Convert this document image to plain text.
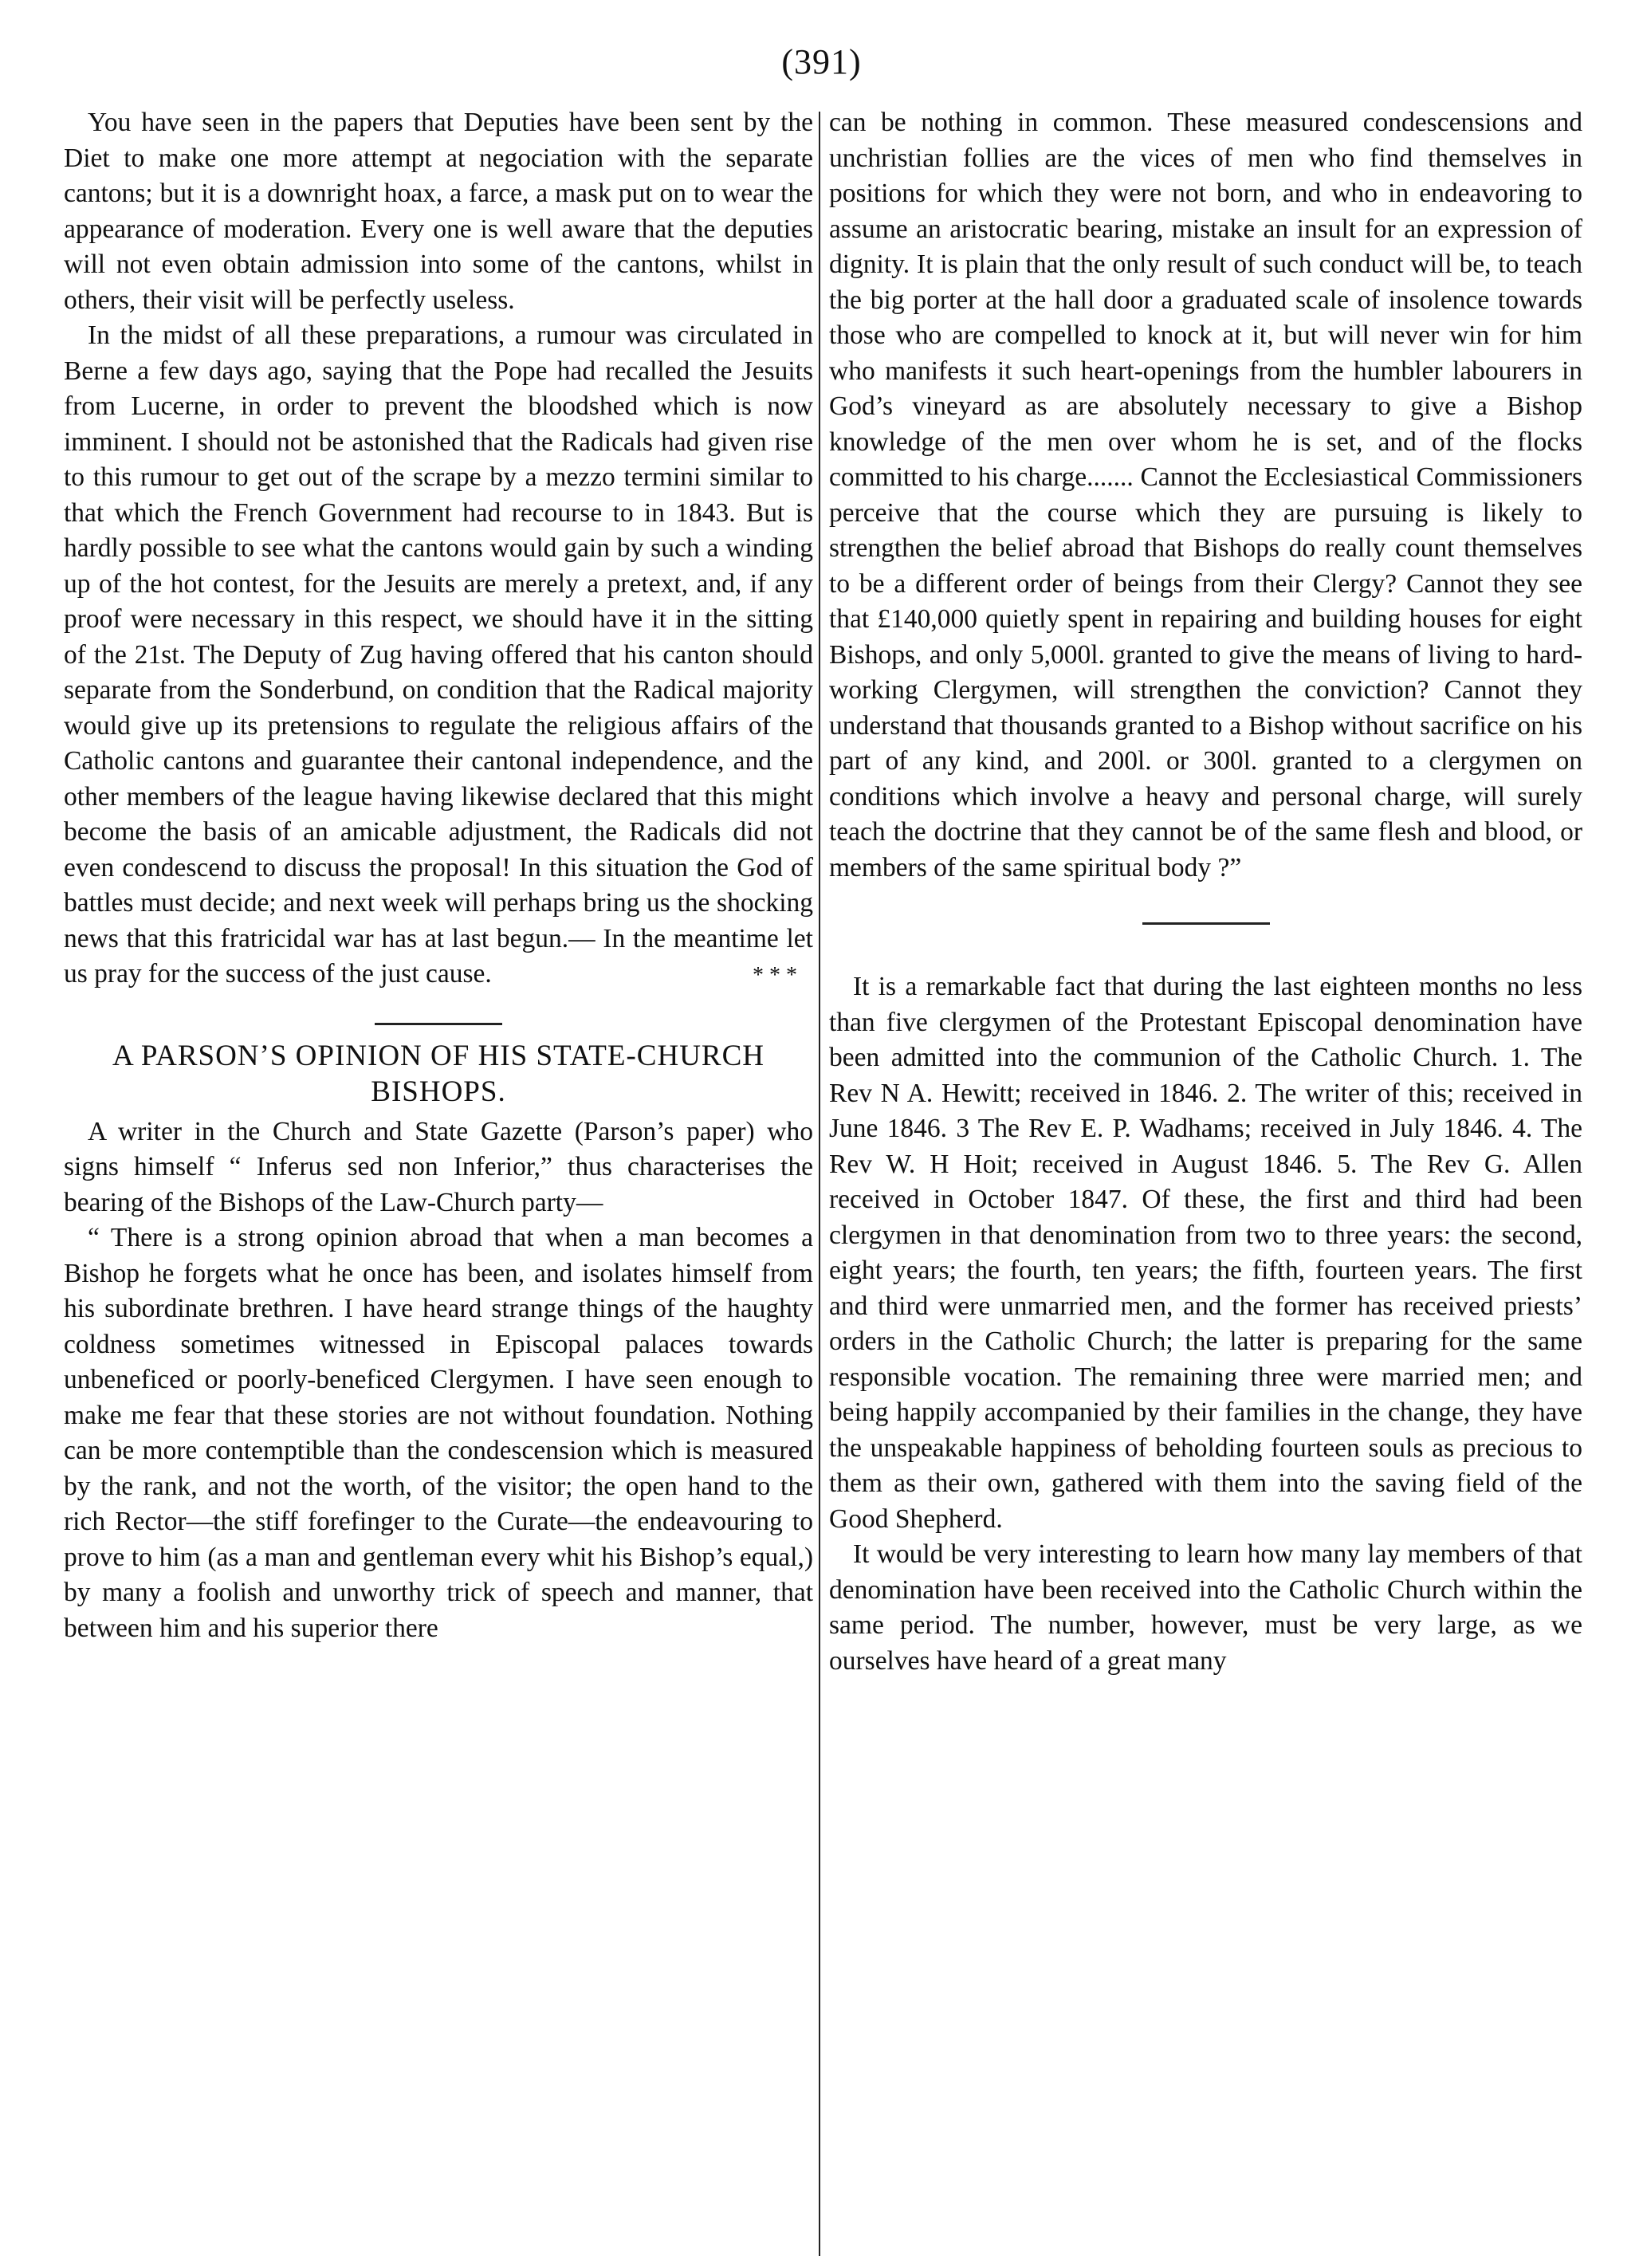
(391)

You have seen in the papers that Deputies have been sent by the Diet to make one more attempt at negociation with the separate cantons; but it is a downright hoax, a farce, a mask put on to wear the appearance of moderation. Every one is well aware that the deputies will not even obtain admission into some of the cantons, whilst in others, their visit will be perfectly useless.

In the midst of all these preparations, a rumour was circulated in Berne a few days ago, saying that the Pope had recalled the Jesuits from Lucerne, in order to prevent the bloodshed which is now imminent. I should not be astonished that the Radicals had given rise to this rumour to get out of the scrape by a mezzo termini similar to that which the French Government had recourse to in 1843. But is hardly possible to see what the cantons would gain by such a winding up of the hot contest, for the Jesuits are merely a pretext, and, if any proof were necessary in this respect, we should have it in the sitting of the 21st. The Deputy of Zug having offered that his canton should separate from the Sonderbund, on condition that the Radical majority would give up its pretensions to regulate the religious affairs of the Catholic cantons and guarantee their cantonal independence, and the other members of the league having likewise declared that this might become the basis of an amicable adjustment, the Radicals did not even condescend to discuss the proposal! In this situation the God of battles must decide; and next week will perhaps bring us the shocking news that this fratricidal war has at last begun.— In the meantime let us pray for the success of the just cause.	* * *
A PARSON’S OPINION OF HIS STATE-CHURCH BISHOPS.

A writer in the Church and State Gazette (Parson’s paper) who signs himself “ Inferus sed non Inferior,” thus characterises the bearing of the Bishops of the Law-Church party—

“ There is a strong opinion abroad that when a man becomes a Bishop he forgets what he once has been, and isolates himself from his subordinate brethren. I have heard strange things of the haughty coldness sometimes witnessed in Episcopal palaces towards unbeneficed or poorly-beneficed Clergymen. I have seen enough to make me fear that these stories are not without foundation. Nothing can be more contemptible than the condescension which is measured by the rank, and not the worth, of the visitor; the open hand to the rich Rector—the stiff forefinger to the Curate—the endeavouring to prove to him (as a man and gentleman every whit his Bishop’s equal,) by many a foolish and unworthy trick of speech and manner, that between him and his superior there

can be nothing in common. These measured condescensions and unchristian follies are the vices of men who find themselves in positions for which they were not born, and who in endeavoring to assume an aristocratic bearing, mistake an insult for an expression of dignity. It is plain that the only result of such conduct will be, to teach the big porter at the hall door a graduated scale of insolence towards those who are compelled to knock at it, but will never win for him who manifests it such heart-openings from the humbler labourers in God’s vineyard as are absolutely necessary to give a Bishop knowledge of the men over whom he is set, and of the flocks committed to his charge....... Cannot the Ecclesiastical Commissioners perceive that the course which they are pursuing is likely to strengthen the belief abroad that Bishops do really count themselves to be a different order of beings from their Clergy? Cannot they see that £140,000 quietly spent in repairing and building houses for eight Bishops, and only 5,000l. granted to give the means of living to hard-working Clergymen, will strengthen the conviction? Cannot they understand that thousands granted to a Bishop without sacrifice on his part of any kind, and 200l. or 300l. granted to a clergymen on conditions which involve a heavy and personal charge, will surely teach the doctrine that they cannot be of the same flesh and blood, or members of the same spiritual body ?”

It is a remarkable fact that during the last eighteen months no less than five clergymen of the Protestant Episcopal denomination have been admitted into the communion of the Catholic Church. 1. The Rev N A. Hewitt; received in 1846. 2. The writer of this; received in June 1846. 3 The Rev E. P. Wadhams; received in July 1846. 4. The Rev W. H Hoit; received in August 1846. 5. The Rev G. Allen received in October 1847. Of these, the first and third had been clergymen in that denomination from two to three years: the second, eight years; the fourth, ten years; the fifth, fourteen years. The first and third were unmarried men, and the former has received priests’ orders in the Catholic Church; the latter is preparing for the same responsible vocation. The remaining three were married men; and being happily accompanied by their families in the change, they have the unspeakable happiness of beholding fourteen souls as precious to them as their own, gathered with them into the saving field of the Good Shepherd.

It would be very interesting to learn how many lay members of that denomination have been received into the Catholic Church within the same period. The number, however, must be very large, as we ourselves have heard of a great many
